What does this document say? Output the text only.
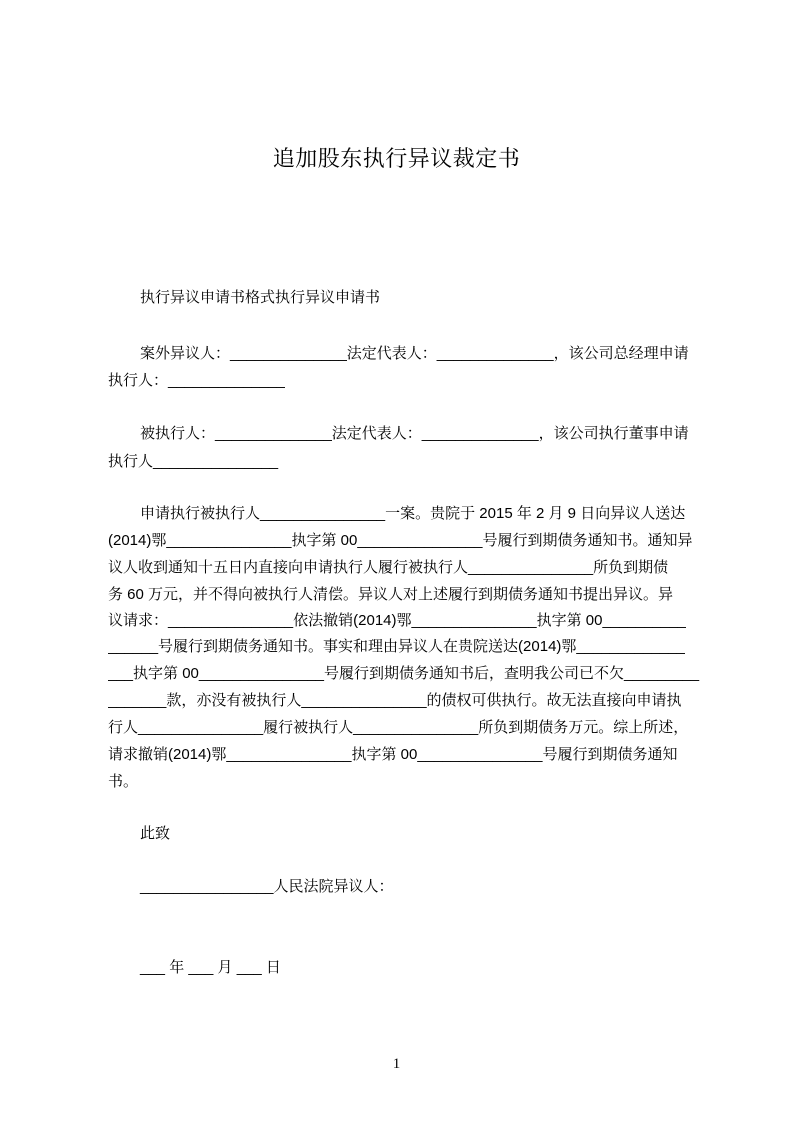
追加股东执行异议裁定书
执行异议申请书格式执行异议申请书
案外异议人：______________法定代表人：______________，该公司总经理申请
执行人：______________
被执行人：______________法定代表人：______________，该公司执行董事申请
执行人_______________
申请执行被执行人_______________一案。贵院于 2015 年 2 月 9 日向异议人送达
(2014)鄂_______________执字第 00_______________号履行到期债务通知书。通知异
议人收到通知十五日内直接向申请执行人履行被执行人_______________所负到期债
务 60 万元，并不得向被执行人清偿。异议人对上述履行到期债务通知书提出异议。异
议请求：_______________依法撤销(2014)鄂_______________执字第 00__________
______号履行到期债务通知书。事实和理由异议人在贵院送达(2014)鄂_____________
___执字第 00_______________号履行到期债务通知书后，查明我公司已不欠_________
_______款，亦没有被执行人_______________的债权可供执行。故无法直接向申请执
行人_______________履行被执行人_______________所负到期债务万元。综上所述，
请求撤销(2014)鄂_______________执字第 00_______________号履行到期债务通知
书。
此致
________________人民法院异议人：
___ 年 ___ 月 ___ 日
1
